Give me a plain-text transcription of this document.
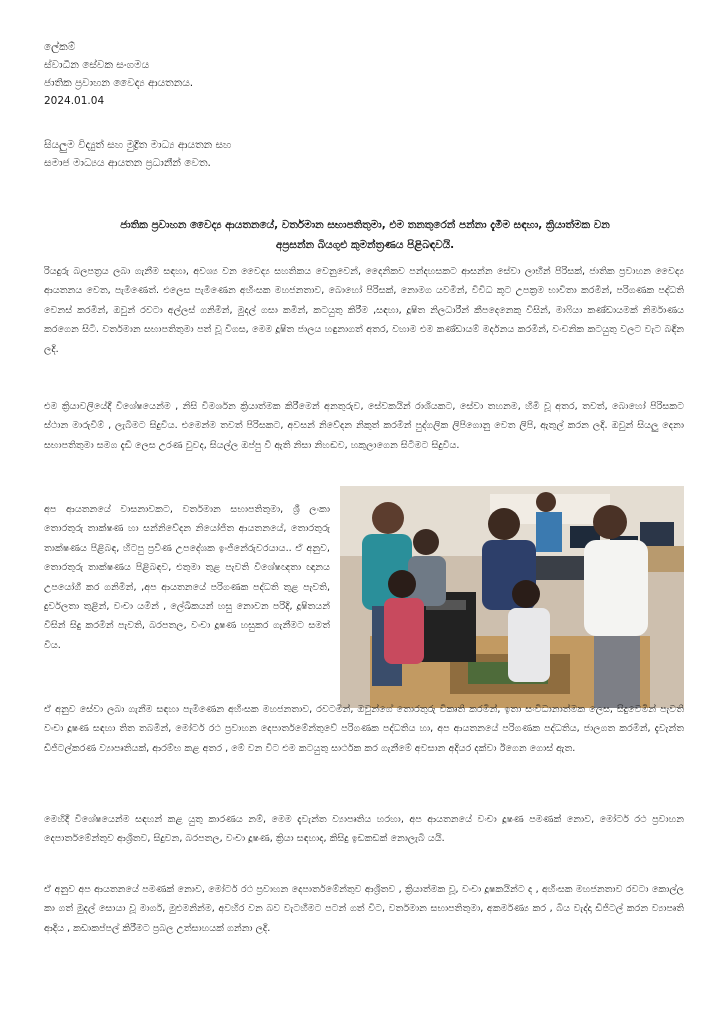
ලේකම්
ස්වාධීන සේවක සංගමය
ජාතික ප්‍රවාහන වෛද්‍ය ආයතනය.
2024.01.04
සියලුම විද්‍යුත් සහ මුද්‍රිත මාධ්‍ය ආයතන සහ
සමාජ මාධ්‍යය ආයතන ප්‍රධානීන් වෙත.
ජාතික ප්‍රවාහන වෛද්‍ය ආයතනයේ, වර්තමාන සභාපතිතුමා, එම තනතුරෙන් පන්නා දැමීම සඳහා, ක්‍රියාත්මක වන
අප්‍රසන්න බියගුළු කුමන්ත්‍රණය පිළිබඳවයි.

රියදුරු බලපත්‍රය ලබා ගැනීම සඳහා, අවශ්‍ය වන වෛද්‍ය සහතිකය වෙනුවෙන්, දෛනිකව පන්දහසකට ආසන්න සේවා ලාභීන් පිරිසක්, ජාතික ප්‍රවාහන වෛද්‍ය ආයතනය වෙත, පැමිණෙත්. එලෙස පැමිණෙන අහිංසක මහජනතාව, බොහෝ පිරිසක්, නොමග යවමින්, විවිධ කූට උපක්‍රම භාවිතා කරමින්, පරිගණක පද්ධති වෙනස් කරමින්, ඔවුන් රවටා අල්ලස් ගනිමින්, මුදල් ගසා කමින්, කටයුතු කිරීම ,සඳහා, දූෂිත නිලධාරීන් කීපදෙනෙකු විසින්, මාෆියා කණ්ඩායමක් නිර්මාණය කරගෙන සිටි. වර්තමාන සභාපතිතුමා පත් වූ විගස, මෙම දූෂිත ජාලය හඳුනාගත් අතර, වහාම එම කණ්ඩායම් මර්දනය කරමින්, වංචනික කටයුතු වලට වැට බඳින ලදි.

එම ක්‍රියාවලියේදී විශේෂයෙන්ම , නිසි විමර්ශන ක්‍රියාත්මක කිරීමෙන් අනතුරුව, සේවකයින් රාශියකට, සේවා තහනම, හිමි වූ අතර, තවත්, බොහෝ පිරිසකට ස්ථාන මාරුවීම් , ලැබීමට සිදුවිය. එමෙන්ම තවත් පිරිසකට, අවසන් නිවේදන නිකුත් කරමින් පුද්ගලික ලිපිගොනු වෙත ලිපි, ඇතුල් කරන ලදි. ඔවුන් සියලු දෙනා සභාපතිතුමා සමග දැඩි ලෙස උරණ වුවද, සියල්ල ඔප්පු වී ඇති නිසා නිහඬව, හකුලාගෙන සිටීමට සිදුවිය.

අප ආයතනයේ වාසනාවකට, වර්තමාන සභාපතිතුමා, ශ්‍රී ලංකා තොරතුරු තාක්ෂණ හා සන්නිවේදන නියෝජිත ආයතනයේ, තොරතුරු තාක්ෂණය පිළිබඳ, හිටපු ප්‍රවීණ උපදේශක ඉංජිනේරුවරයාය.. ඒ අනුව, තොරතුරු තාක්ෂණය පිළිබඳව, එතුමා තුළ පැවති විශේෂඥතා ඥානය උපයෝගී කර ගනිමින්, ,අප ආයතනයේ පරිගණක පද්ධති තුළ පැවති, දුර්වලතා තුළින්, වංචා යමින් , ලේඛිකයන් හසු නොවන පරිදි, දූෂිතයන් විසින් සිදු කරමින් පැවති, බරපතල, වංචා දූෂණ හසුකර ගැනීමට සමත් විය.

ඒ අනුව සේවා ලබා ගැනීම සඳහා පැමිණෙන අහිංසක මහජනතාව, රවටමින්, ඔවුන්ගේ තොරතුරු විකෘති කරමින්, ඉතා සංවිධානාත්මක ලෙස, සිදුවෙමින් පැවති වංචා දූෂණ සඳහා තිත තබමින්, මෝටර් රථ ප්‍රවාහන දෙපාර්තමේන්තුවේ පරිගණක පද්ධතිය හා, අප ආයතනයේ පරිගණක පද්ධතිය, ජාලගත කරමින්, දැවැන්ත ඩිජිටල්කරණ ව්‍යාපෘතියක්, ආරම්භ කළ අතර , මේ වන විට එම කටයුතු සාර්ථක කර ගැනීමේ අවසාන අදියර දක්වා ඊගෙන ගොස් ඇත.

මෙහිදී විශේෂයෙන්ම සඳහන් කළ යුතු කාරණය නම්, මෙම දැවැන්ත ව්‍යාපෘතිය හරහා, අප ආයතනයේ වංචා දූෂණ පමණක් නොව, මෝටර් රථ ප්‍රවාහන දෙපාර්තමේන්තුව ආශ්‍රිතව, සිදුවන, බරපතල, වංචා දූෂණ, ක්‍රියා සඳහාද, කිසිදු ඉඩකඩක් නොලැබී යයි.

ඒ අනුව අප ආයතනයේ පමණක් නොව, මෝටර් රථ ප්‍රවාහන දෙපාර්තමේන්තුව ආශ්‍රිතව , ක්‍රියාත්මක වූ, වංචා දූෂකයින්ට ද , අහිංසක මහජනතාව රවටා කොල්ල කා ගත් මුදල් සොයා වූ මාර්ග, මුළුමනින්ම, අවහිර වන බව වැටහීමට පටන් ගත් විට, වර්තමාන සභාපතිතුමා, අකර්මණ්‍ය කර , බිය වැද්දා ඩිජිටල් කරන ව්‍යාපෘති ආදිය , කඩාකප්පල් කිරීමට ප්‍රබල උත්සාහයක් ගන්නා ලදි.
